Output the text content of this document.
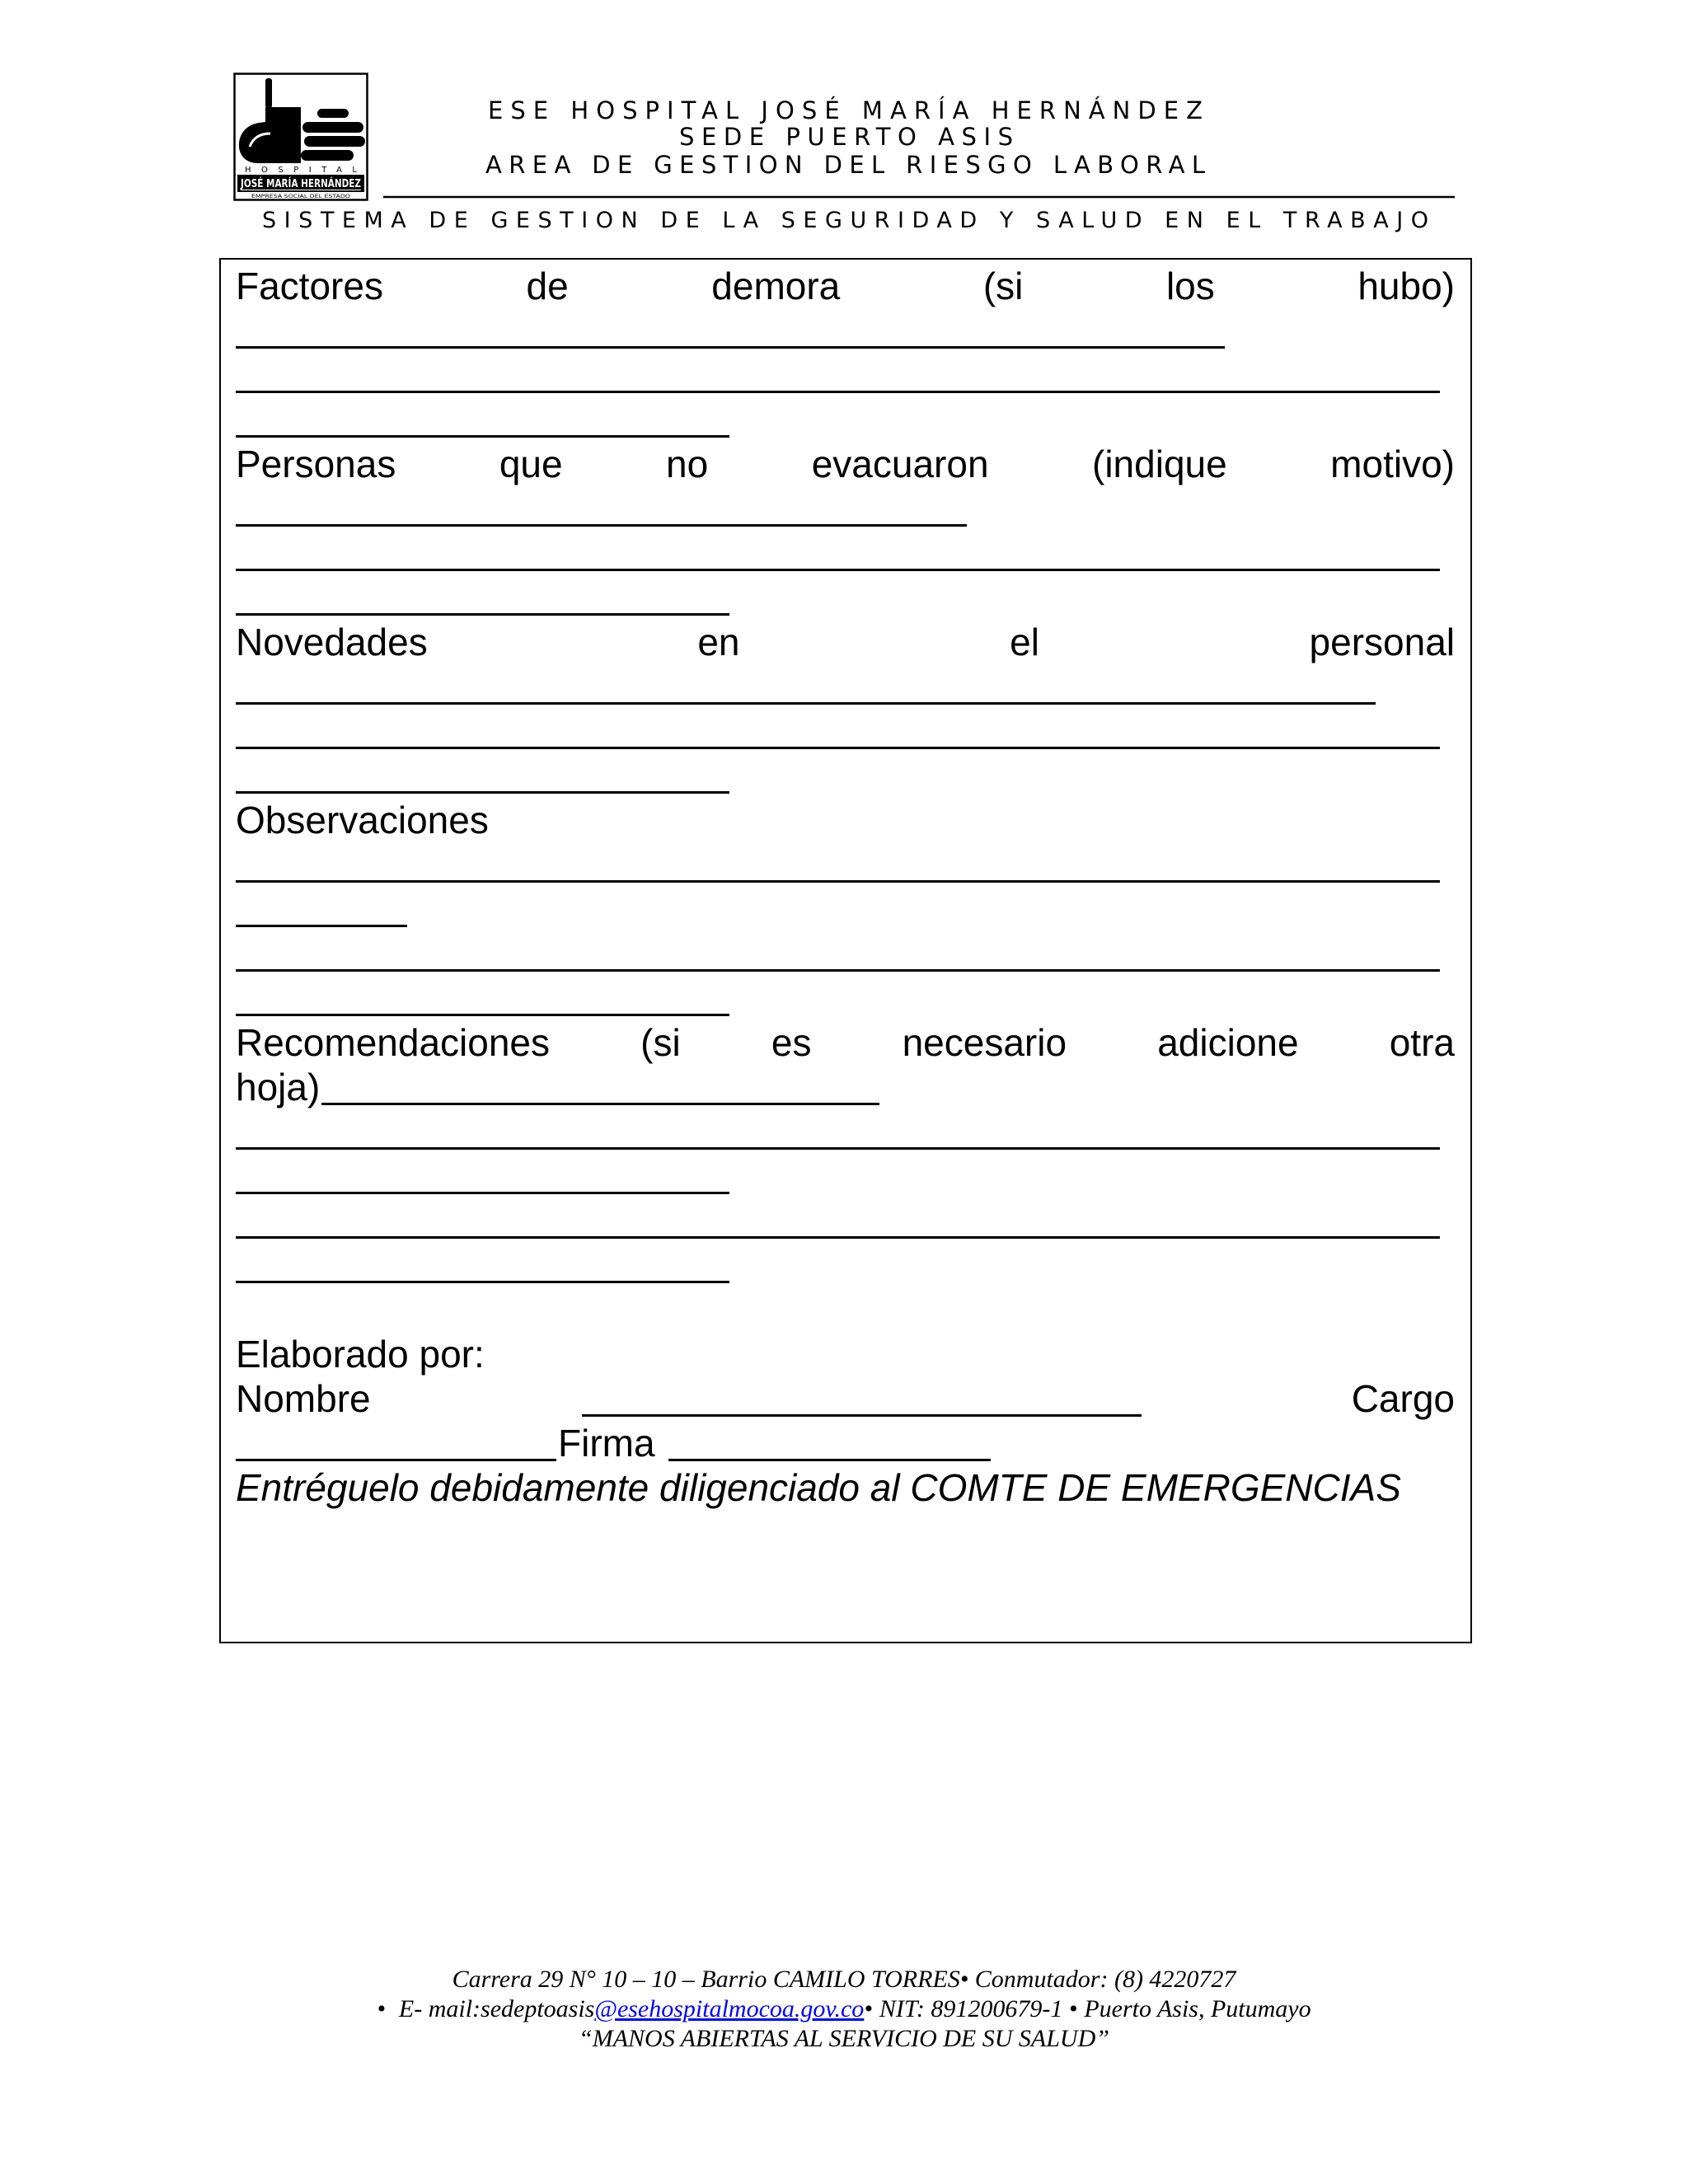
ESE HOSPITAL JOSÉ MARÍA HERNÁNDEZ
SEDE PUERTO ASIS
AREA DE GESTION DEL RIESGO LABORAL
SISTEMA DE GESTION DE LA SEGURIDAD Y SALUD EN EL TRABAJO
HOSPITAL
JOSÉ MARÍA HERNÁNDEZ
EMPRESA SOCIAL DEL ESTADO
Factores de demora (si los hubo)
Personas que no evacuaron (indique motivo)
Novedades en el personal
Observaciones
Recomendaciones (si es necesario adicione otra
hoja)
Elaborado por:
Nombre	Cargo
Firma
Entréguelo debidamente diligenciado al COMTE DE EMERGENCIAS
Carrera 29 N° 10 – 10 – Barrio CAMILO TORRES• Conmutador: (8) 4220727
• E- mail:sedeptoasis@esehospitalmocoa.gov.co• NIT: 891200679-1 • Puerto Asis, Putumayo
“MANOS ABIERTAS AL SERVICIO DE SU SALUD”
